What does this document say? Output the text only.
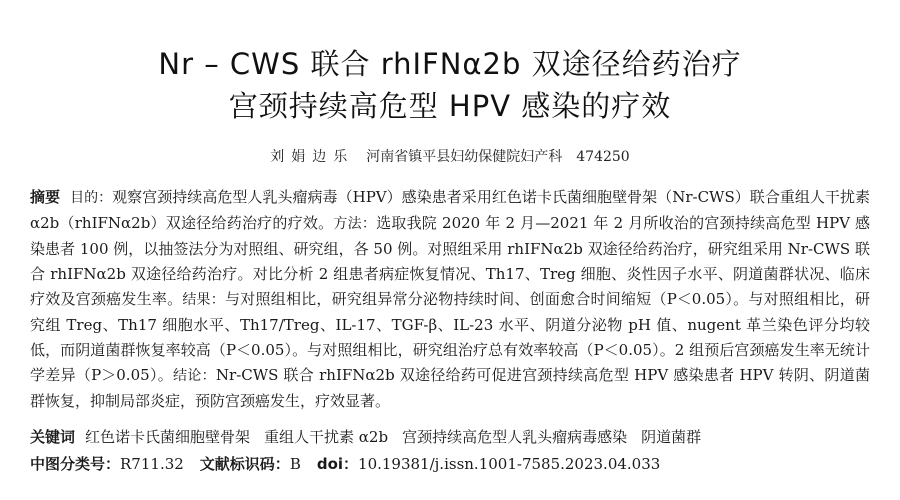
Nr – CWS 联合 rhIFNα2b 双途径给药治疗
宫颈持续高危型 HPV 感染的疗效
刘娟边乐 河南省镇平县妇幼保健院妇产科 474250
摘要 目的：观察宫颈持续高危型人乳头瘤病毒（HPV）感染患者采用红色诺卡氏菌细胞壁骨架（Nr-CWS）联合重组人干扰素 α2b（rhIFNα2b）双途径给药治疗的疗效。方法：选取我院 2020 年 2 月—2021 年 2 月所收治的宫颈持续高危型 HPV 感染患者 100 例，以抽签法分为对照组、研究组，各 50 例。对照组采用 rhIFNα2b 双途径给药治疗，研究组采用 Nr-CWS 联合 rhIFNα2b 双途径给药治疗。对比分析 2 组患者病症恢复情况、Th17、Treg 细胞、炎性因子水平、阴道菌群状况、临床疗效及宫颈癌发生率。结果：与对照组相比，研究组异常分泌物持续时间、创面愈合时间缩短（P＜0.05）。与对照组相比，研究组 Treg、Th17 细胞水平、Th17/Treg、IL-17、TGF-β、IL-23 水平、阴道分泌物 pH 值、nugent 革兰染色评分均较低，而阴道菌群恢复率较高（P＜0.05）。与对照组相比，研究组治疗总有效率较高（P＜0.05）。2 组预后宫颈癌发生率无统计学差异（P＞0.05）。结论：Nr-CWS 联合 rhIFNα2b 双途径给药可促进宫颈持续高危型 HPV 感染患者 HPV 转阴、阴道菌群恢复，抑制局部炎症，预防宫颈癌发生，疗效显著。
关键词 红色诺卡氏菌细胞壁骨架 重组人干扰素 α2b 宫颈持续高危型人乳头瘤病毒感染 阴道菌群
中图分类号：R711.32 文献标识码：B doi：10.19381/j.issn.1001-7585.2023.04.033
